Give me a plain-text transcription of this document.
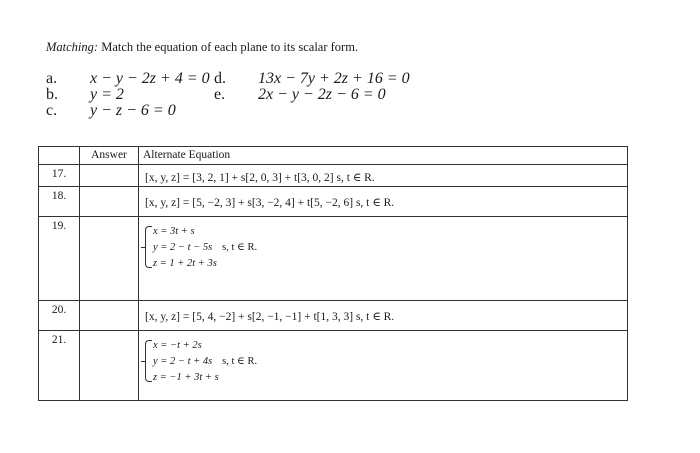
Matching: Match the equation of each plane to its scalar form.
a. x − y − 2z + 4 = 0
b. y = 2
c. y − z − 6 = 0
d. 13x − 7y + 2z + 16 = 0
e. 2x − y − 2z − 6 = 0
	Answer	Alternate Equation
17.		[x, y, z] = [3, 2, 1] + s[2, 0, 3] + t[3, 0, 2] s, t ∈ R.
18.		[x, y, z] = [5, −2, 3] + s[3, −2, 4] + t[5, −2, 6] s, t ∈ R.
19.		x = 3t + s
y = 2 − t − 5s s, t ∈ R.
z = 1 + 2t + 3s

20.		[x, y, z] = [5, 4, −2] + s[2, −1, −1] + t[1, 3, 3] s, t ∈ R.
21.		x = −t + 2s
y = 2 − t + 4s s, t ∈ R.
z = −1 + 3t + s
